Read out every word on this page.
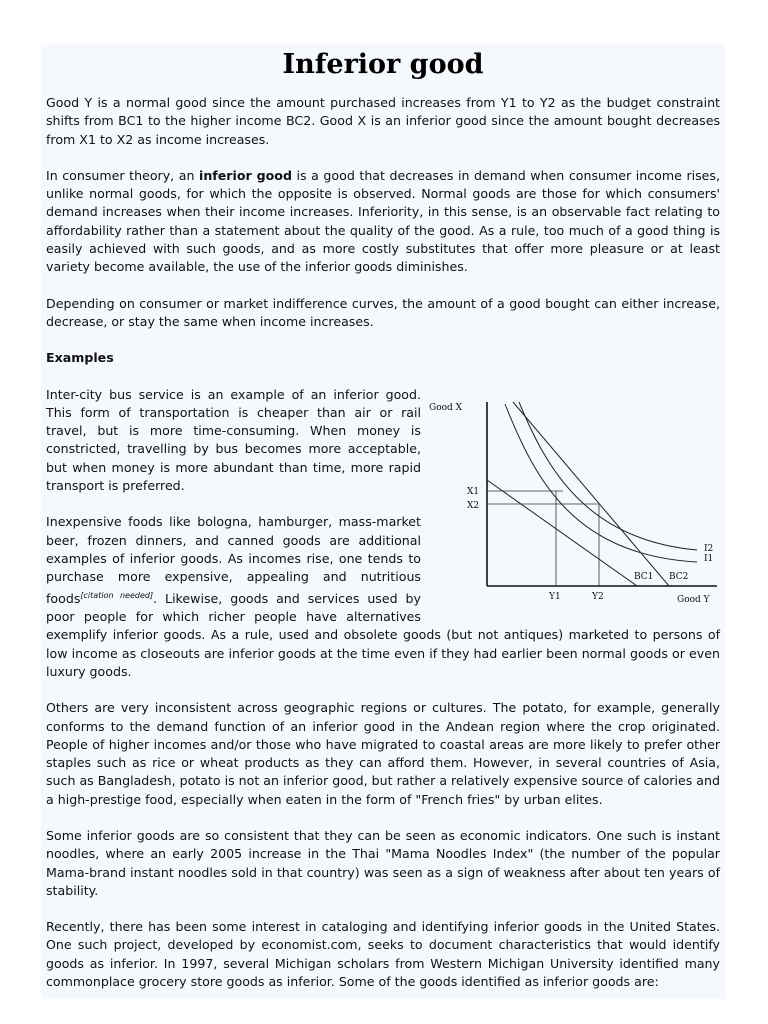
Inferior good

Good Y is a normal good since the amount purchased increases from Y1 to Y2 as the budget constraint shifts from BC1 to the higher income BC2. Good X is an inferior good since the amount bought decreases from X1 to X2 as income increases.

In consumer theory, an inferior good is a good that decreases in demand when consumer income rises, unlike normal goods, for which the opposite is observed. Normal goods are those for which consumers' demand increases when their income increases. Inferiority, in this sense, is an observable fact relating to affordability rather than a statement about the quality of the good. As a rule, too much of a good thing is easily achieved with such goods, and as more costly substitutes that offer more pleasure or at least variety become available, the use of the inferior goods diminishes.

Depending on consumer or market indifference curves, the amount of a good bought can either increase, decrease, or stay the same when income increases.

Examples
Good X
Good Y
X1
X2
Y1	Y2
BC1 BC2
I2
I1

Inter-city bus service is an example of an inferior good. This form of transportation is cheaper than air or rail travel, but is more time-consuming. When money is constricted, travelling by bus becomes more acceptable, but when money is more abundant than time, more rapid transport is preferred.

Inexpensive foods like bologna, hamburger, mass-market beer, frozen dinners, and canned goods are additional examples of inferior goods. As incomes rise, one tends to purchase more expensive, appealing and nutritious foods[citation needed]. Likewise, goods and services used by poor people for which richer people have alternatives exemplify inferior goods. As a rule, used and obsolete goods (but not antiques) marketed to persons of low income as closeouts are inferior goods at the time even if they had earlier been normal goods or even luxury goods.

Others are very inconsistent across geographic regions or cultures. The potato, for example, generally conforms to the demand function of an inferior good in the Andean region where the crop originated. People of higher incomes and/or those who have migrated to coastal areas are more likely to prefer other staples such as rice or wheat products as they can afford them. However, in several countries of Asia, such as Bangladesh, potato is not an inferior good, but rather a relatively expensive source of calories and a high-prestige food, especially when eaten in the form of "French fries" by urban elites.

Some inferior goods are so consistent that they can be seen as economic indicators. One such is instant noodles, where an early 2005 increase in the Thai "Mama Noodles Index" (the number of the popular Mama-brand instant noodles sold in that country) was seen as a sign of weakness after about ten years of stability.

Recently, there has been some interest in cataloging and identifying inferior goods in the United States. One such project, developed by economist.com, seeks to document characteristics that would identify goods as inferior. In 1997, several Michigan scholars from Western Michigan University identified many commonplace grocery store goods as inferior. Some of the goods identified as inferior goods are:
